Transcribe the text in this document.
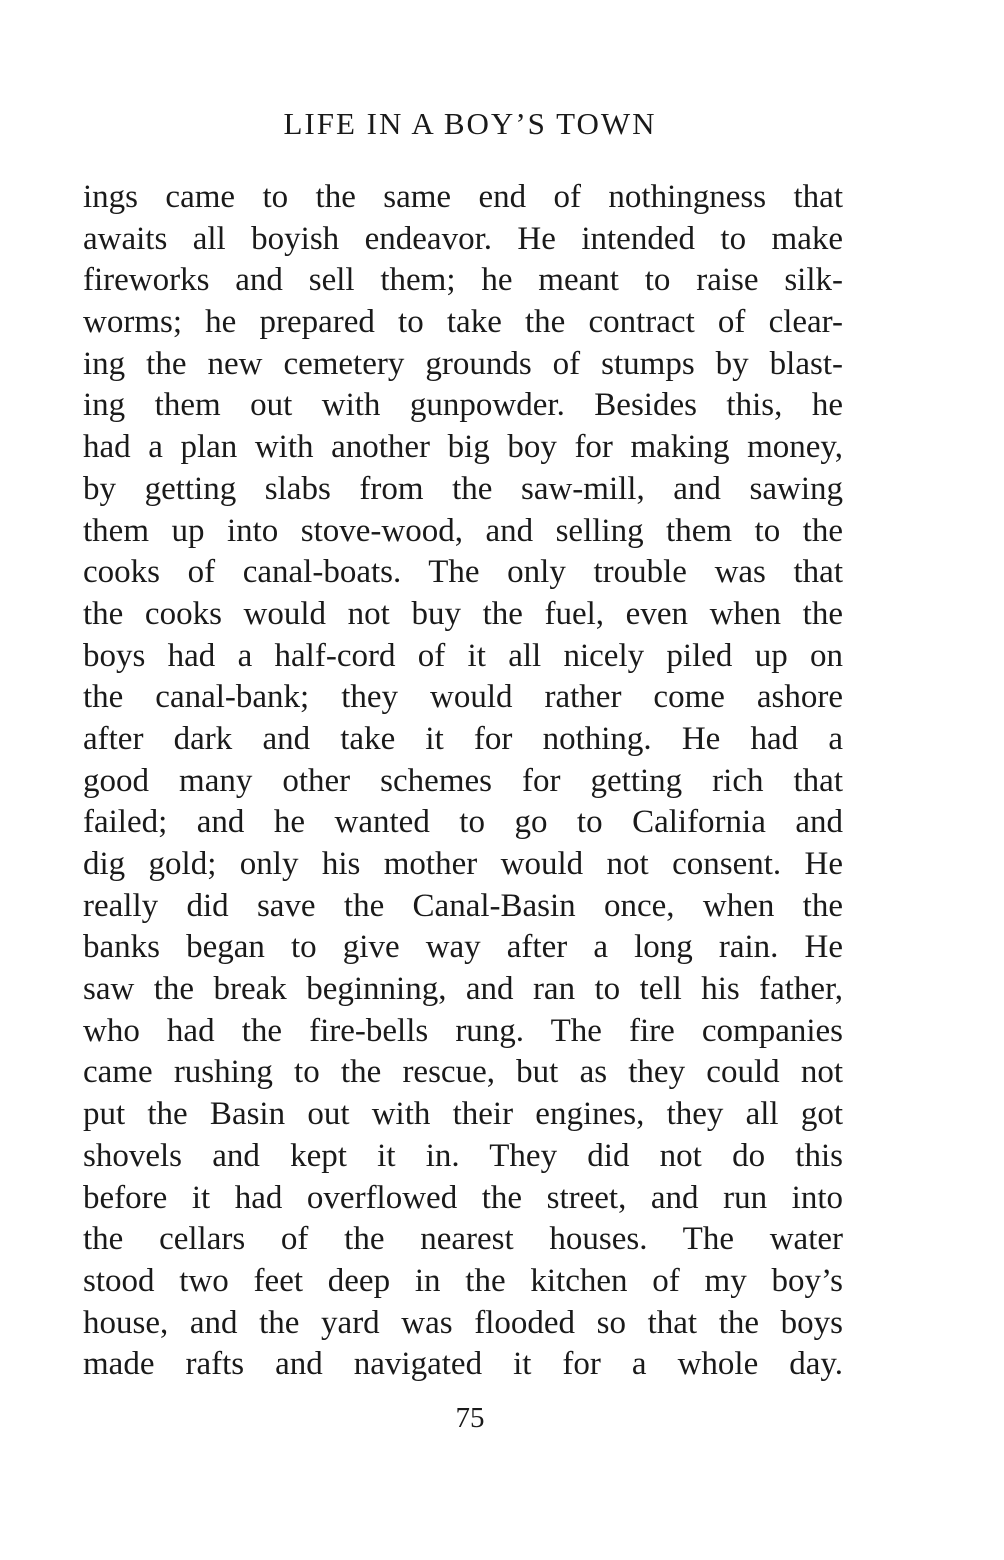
LIFE IN A BOY’S TOWN
ings came to the same end of nothingness that
awaits all boyish endeavor. He intended to make
fireworks and sell them; he meant to raise silk-
worms; he prepared to take the contract of clear-
ing the new cemetery grounds of stumps by blast-
ing them out with gunpowder. Besides this, he
had a plan with another big boy for making money,
by getting slabs from the saw-mill, and sawing
them up into stove-wood, and selling them to the
cooks of canal-boats. The only trouble was that
the cooks would not buy the fuel, even when the
boys had a half-cord of it all nicely piled up on
the canal-bank; they would rather come ashore
after dark and take it for nothing. He had a
good many other schemes for getting rich that
failed; and he wanted to go to California and
dig gold; only his mother would not consent. He
really did save the Canal-Basin once, when the
banks began to give way after a long rain. He
saw the break beginning, and ran to tell his father,
who had the fire-bells rung. The fire companies
came rushing to the rescue, but as they could not
put the Basin out with their engines, they all got
shovels and kept it in. They did not do this
before it had overflowed the street, and run into
the cellars of the nearest houses. The water
stood two feet deep in the kitchen of my boy’s
house, and the yard was flooded so that the boys
made rafts and navigated it for a whole day.
75
